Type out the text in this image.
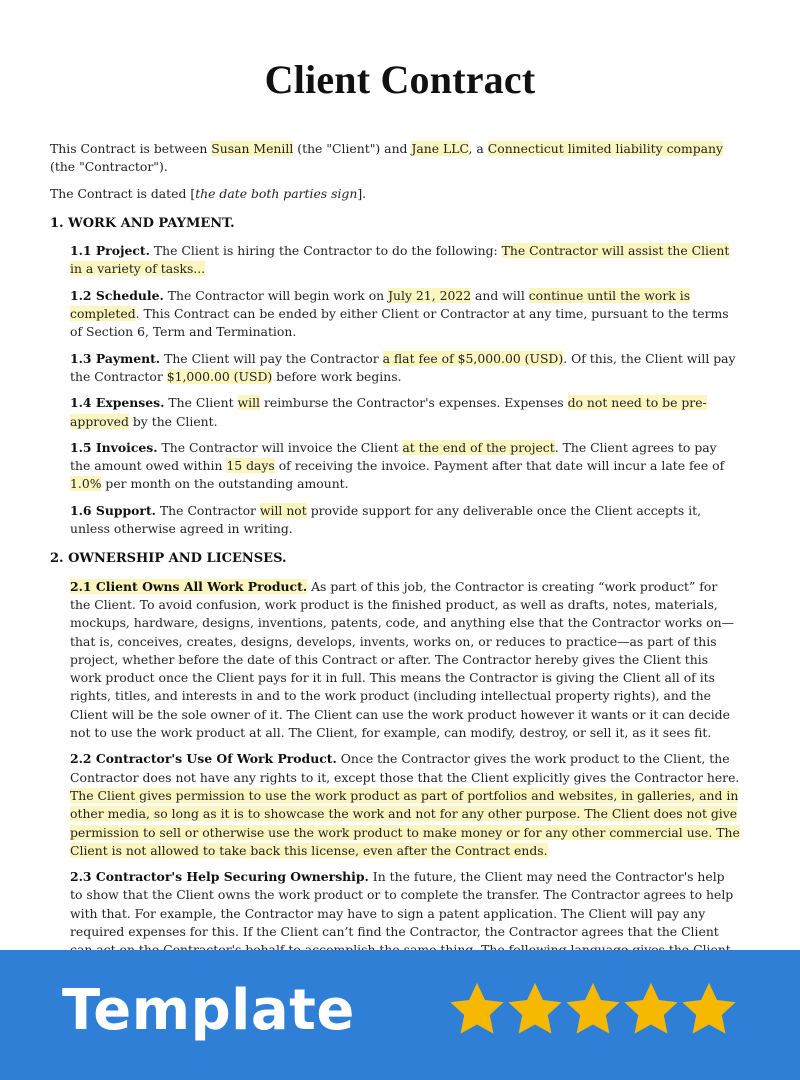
Client Contract

This Contract is between Susan Menill (the "Client") and Jane LLC, a Connecticut limited liability company (the "Contractor").

The Contract is dated [the date both parties sign].

1. WORK AND PAYMENT.

1.1 Project. The Client is hiring the Contractor to do the following: The Contractor will assist the Client in a variety of tasks...

1.2 Schedule. The Contractor will begin work on July 21, 2022 and will continue until the work is completed. This Contract can be ended by either Client or Contractor at any time, pursuant to the terms of Section 6, Term and Termination.

1.3 Payment. The Client will pay the Contractor a flat fee of $5,000.00 (USD). Of this, the Client will pay the Contractor $1,000.00 (USD) before work begins.

1.4 Expenses. The Client will reimburse the Contractor's expenses. Expenses do not need to be pre-approved by the Client.

1.5 Invoices. The Contractor will invoice the Client at the end of the project. The Client agrees to pay the amount owed within 15 days of receiving the invoice. Payment after that date will incur a late fee of 1.0% per month on the outstanding amount.

1.6 Support. The Contractor will not provide support for any deliverable once the Client accepts it, unless otherwise agreed in writing.

2. OWNERSHIP AND LICENSES.

2.1 Client Owns All Work Product. As part of this job, the Contractor is creating “work product” for the Client. To avoid confusion, work product is the finished product, as well as drafts, notes, materials, mockups, hardware, designs, inventions, patents, code, and anything else that the Contractor works on—that is, conceives, creates, designs, develops, invents, works on, or reduces to practice—as part of this project, whether before the date of this Contract or after. The Contractor hereby gives the Client this work product once the Client pays for it in full. This means the Contractor is giving the Client all of its rights, titles, and interests in and to the work product (including intellectual property rights), and the Client will be the sole owner of it. The Client can use the work product however it wants or it can decide not to use the work product at all. The Client, for example, can modify, destroy, or sell it, as it sees fit.

2.2 Contractor's Use Of Work Product. Once the Contractor gives the work product to the Client, the Contractor does not have any rights to it, except those that the Client explicitly gives the Contractor here. The Client gives permission to use the work product as part of portfolios and websites, in galleries, and in other media, so long as it is to showcase the work and not for any other purpose. The Client does not give permission to sell or otherwise use the work product to make money or for any other commercial use. The Client is not allowed to take back this license, even after the Contract ends.

2.3 Contractor's Help Securing Ownership. In the future, the Client may need the Contractor's help to show that the Client owns the work product or to complete the transfer. The Contractor agrees to help with that. For example, the Contractor may have to sign a patent application. The Client will pay any required expenses for this. If the Client can’t find the Contractor, the Contractor agrees that the Client

Template
